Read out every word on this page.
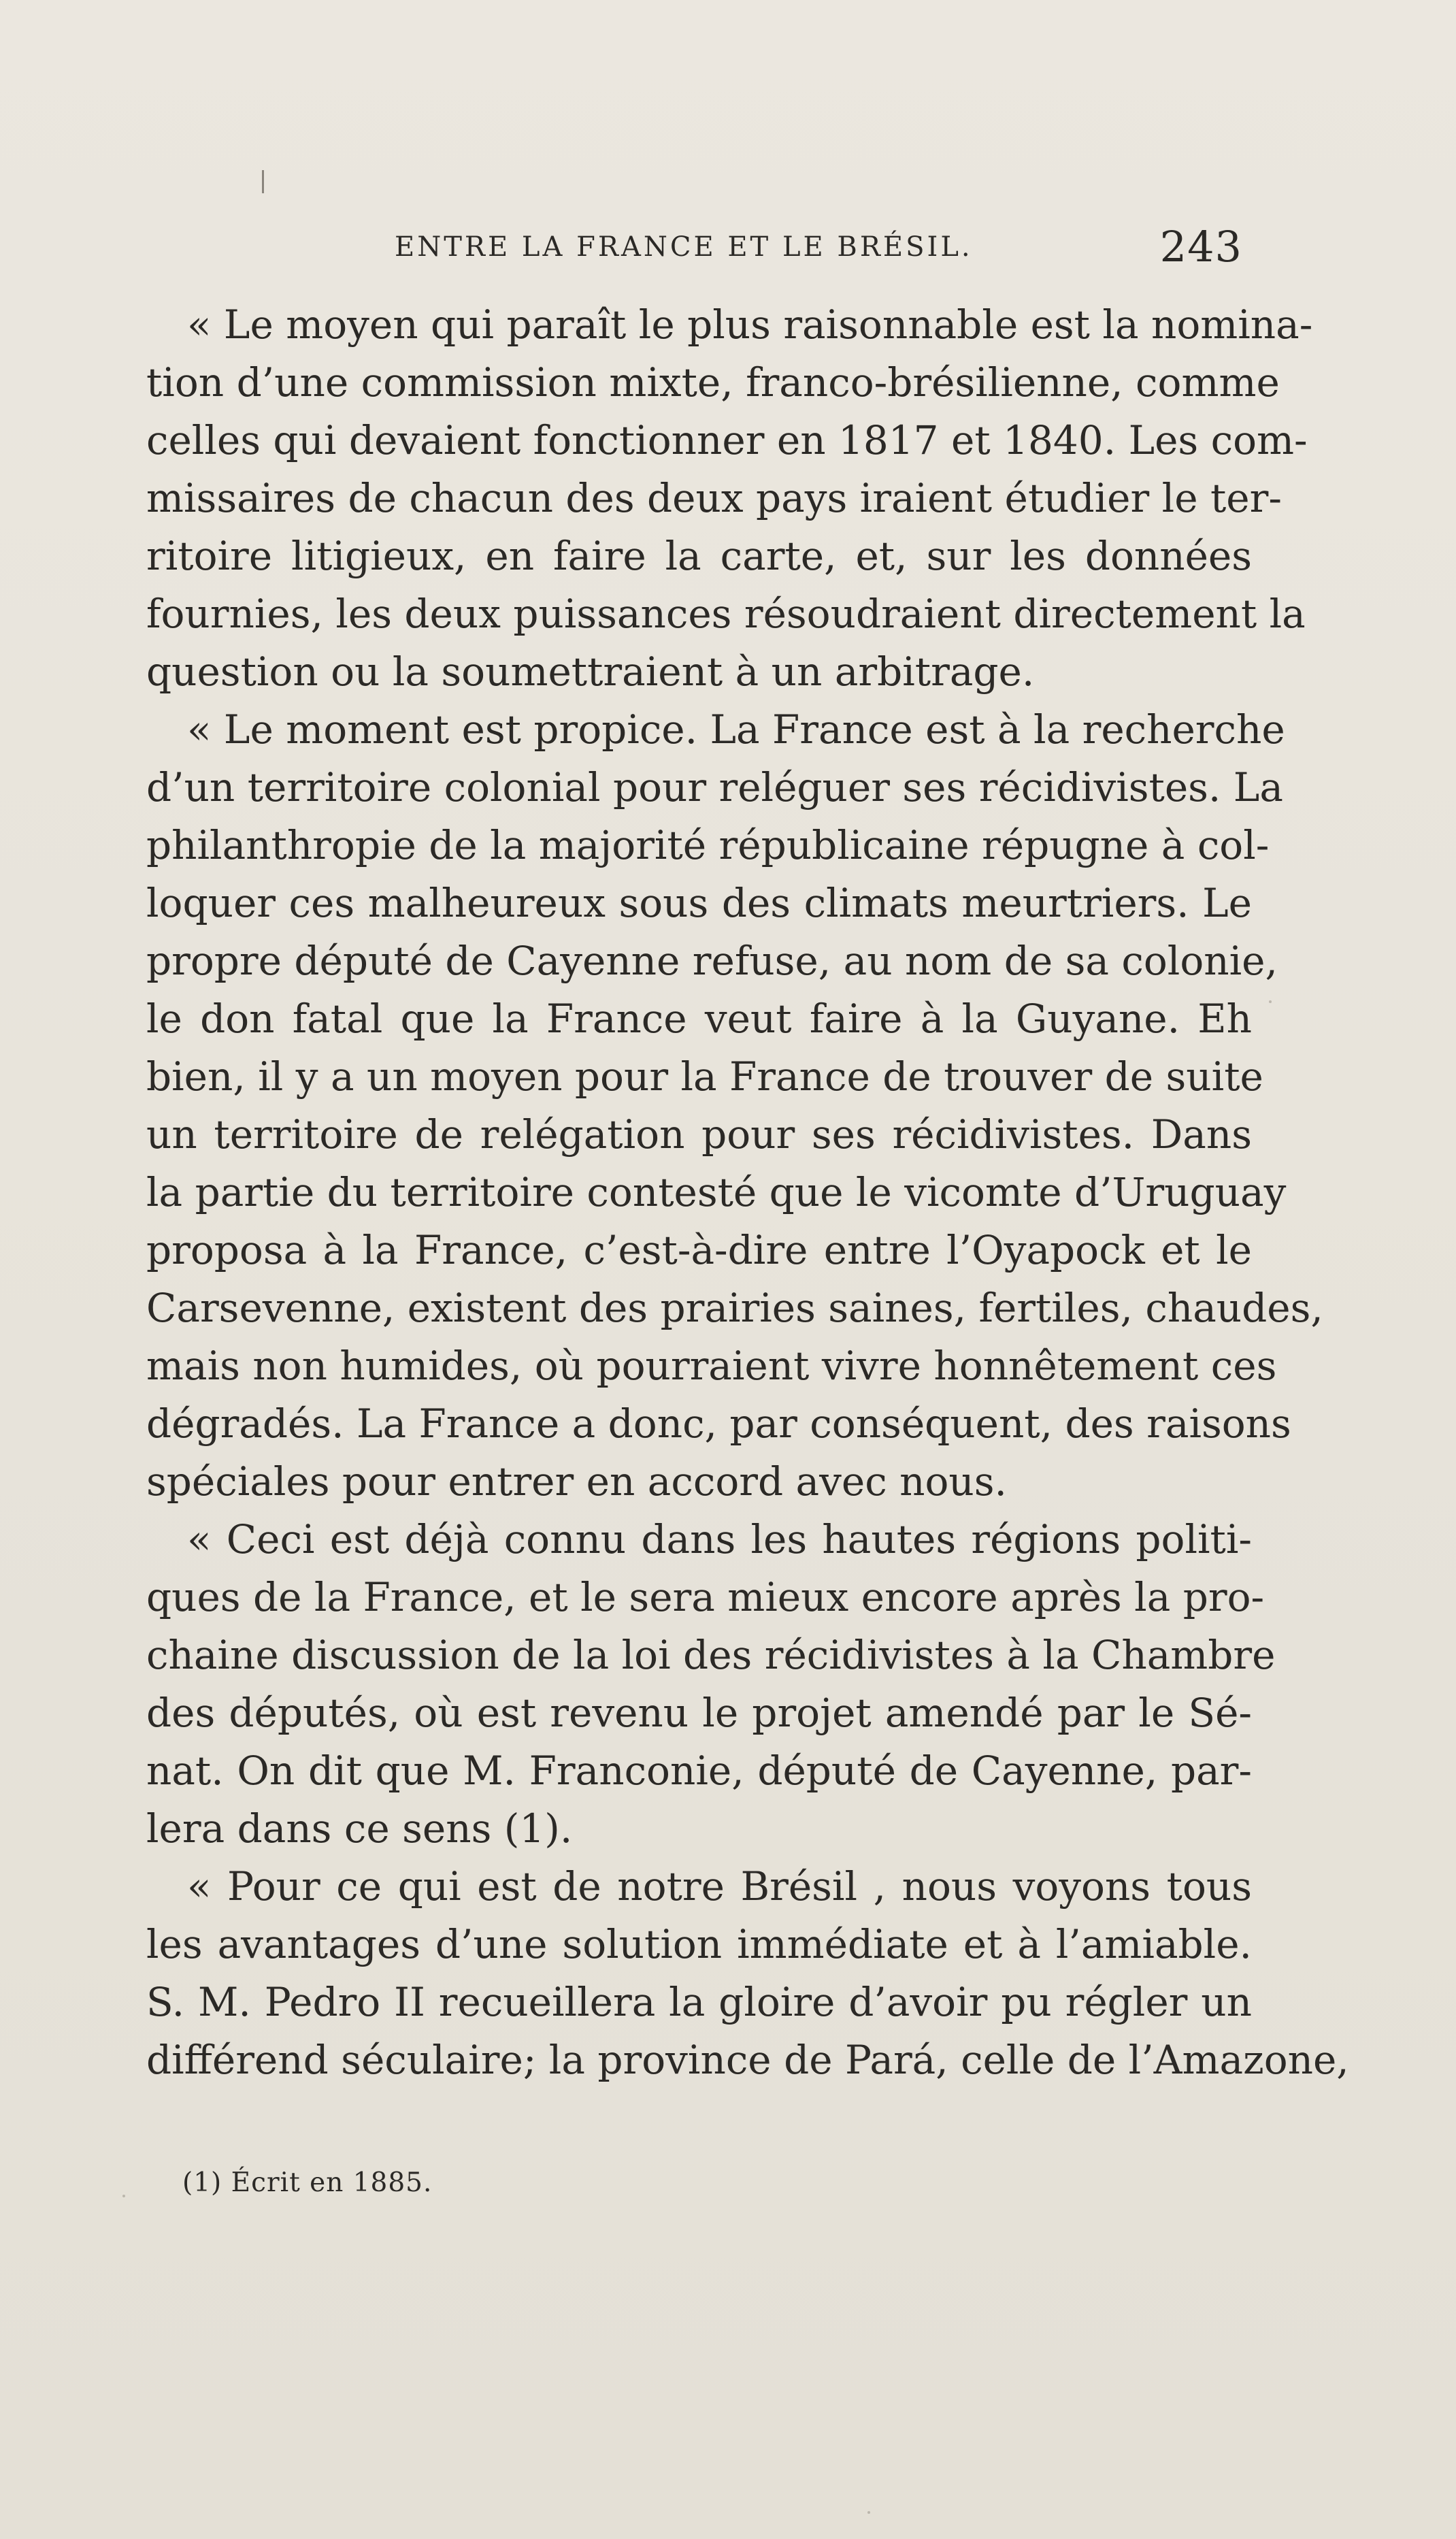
ENTRE LA FRANCE ET LE BRÉSIL.	243
« Le moyen qui paraît le plus raisonnable est la nomina-
tion d’une commission mixte, franco-brésilienne, comme
celles qui devaient fonctionner en 1817 et 1840. Les com-
missaires de chacun des deux pays iraient étudier le ter-
ritoire litigieux, en faire la carte, et, sur les données
fournies, les deux puissances résoudraient directement la
question ou la soumettraient à un arbitrage.
« Le moment est propice. La France est à la recherche
d’un territoire colonial pour reléguer ses récidivistes. La
philanthropie de la majorité républicaine répugne à col-
loquer ces malheureux sous des climats meurtriers. Le
propre député de Cayenne refuse, au nom de sa colonie,
le don fatal que la France veut faire à la Guyane. Eh
bien, il y a un moyen pour la France de trouver de suite
un territoire de relégation pour ses récidivistes. Dans
la partie du territoire contesté que le vicomte d’Uruguay
proposa à la France, c’est-à-dire entre l’Oyapock et le
Carsevenne, existent des prairies saines, fertiles, chaudes,
mais non humides, où pourraient vivre honnêtement ces
dégradés. La France a donc, par conséquent, des raisons
spéciales pour entrer en accord avec nous.
« Ceci est déjà connu dans les hautes régions politi-
ques de la France, et le sera mieux encore après la pro-
chaine discussion de la loi des récidivistes à la Chambre
des députés, où est revenu le projet amendé par le Sé-
nat. On dit que M. Franconie, député de Cayenne, par-
lera dans ce sens (1).
« Pour ce qui est de notre Brésil , nous voyons tous
les avantages d’une solution immédiate et à l’amiable.
S. M. Pedro II recueillera la gloire d’avoir pu régler un
différend séculaire; la province de Pará, celle de l’Amazone,
(1) Écrit en 1885.
